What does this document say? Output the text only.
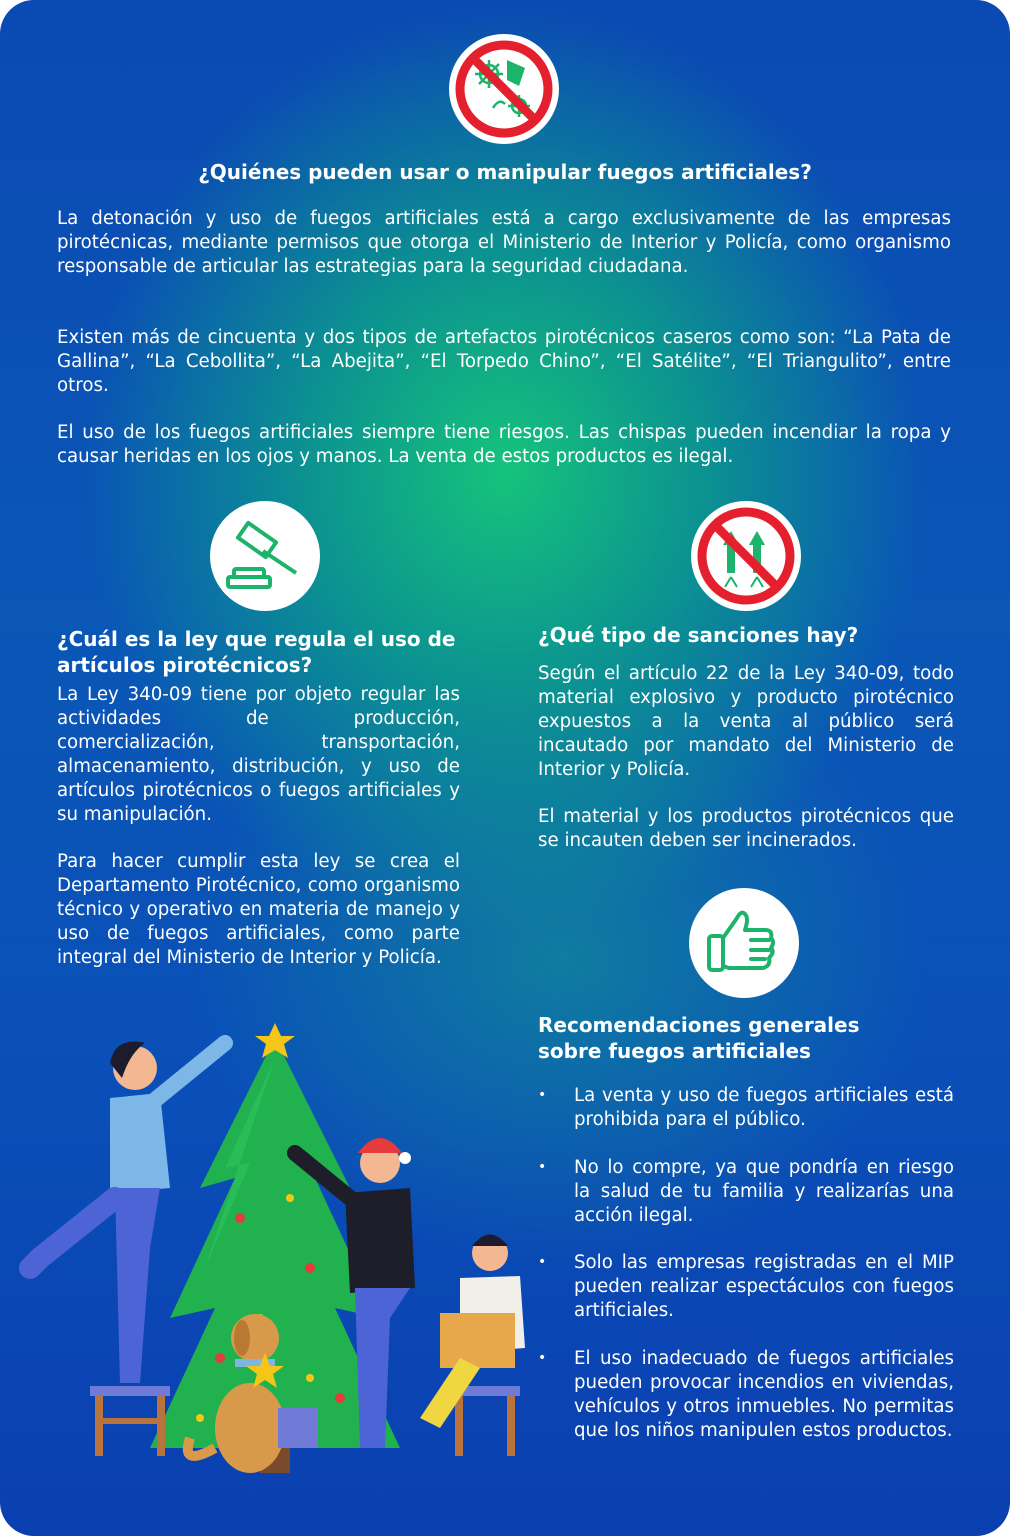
¿Quiénes pueden usar o manipular fuegos artificiales?

La detonación y uso de fuegos artificiales está a cargo exclusivamente de las empresas pirotécnicas, mediante permisos que otorga el Ministerio de Interior y Policía, como organismo responsable de articular las estrategias para la seguridad ciudadana.

Existen más de cincuenta y dos tipos de artefactos pirotécnicos caseros como son: “La Pata de Gallina”, “La Cebollita”, “La Abejita”, “El Torpedo Chino”, “El Satélite”, “El Triangulito”, entre otros.

El uso de los fuegos artificiales siempre tiene riesgos. Las chispas pueden incendiar la ropa y causar heridas en los ojos y manos. La venta de estos productos es ilegal.

¿Cuál es la ley que regula el uso de artículos pirotécnicos?

La Ley 340-09 tiene por objeto regular las actividades de producción, comercialización, transportación, almacenamiento, distribución, y uso de artículos pirotécnicos o fuegos artificiales y su manipulación.

Para hacer cumplir esta ley se crea el Departamento Pirotécnico, como organismo técnico y operativo en materia de manejo y uso de fuegos artificiales, como parte integral del Ministerio de Interior y Policía.

¿Qué tipo de sanciones hay?

Según el artículo 22 de la Ley 340-09, todo material explosivo y producto pirotécnico expuestos a la venta al público será incautado por mandato del Ministerio de Interior y Policía.

El material y los productos pirotécnicos que se incauten deben ser incinerados.

Recomendaciones generales sobre fuegos artificiales
• La venta y uso de fuegos artificiales está prohibida para el público.
• No lo compre, ya que pondría en riesgo la salud de tu familia y realizarías una acción ilegal.
• Solo las empresas registradas en el MIP pueden realizar espectáculos con fuegos artificiales.
• El uso inadecuado de fuegos artificiales pueden provocar incendios en viviendas, vehículos y otros inmuebles. No permitas que los niños manipulen estos productos.
